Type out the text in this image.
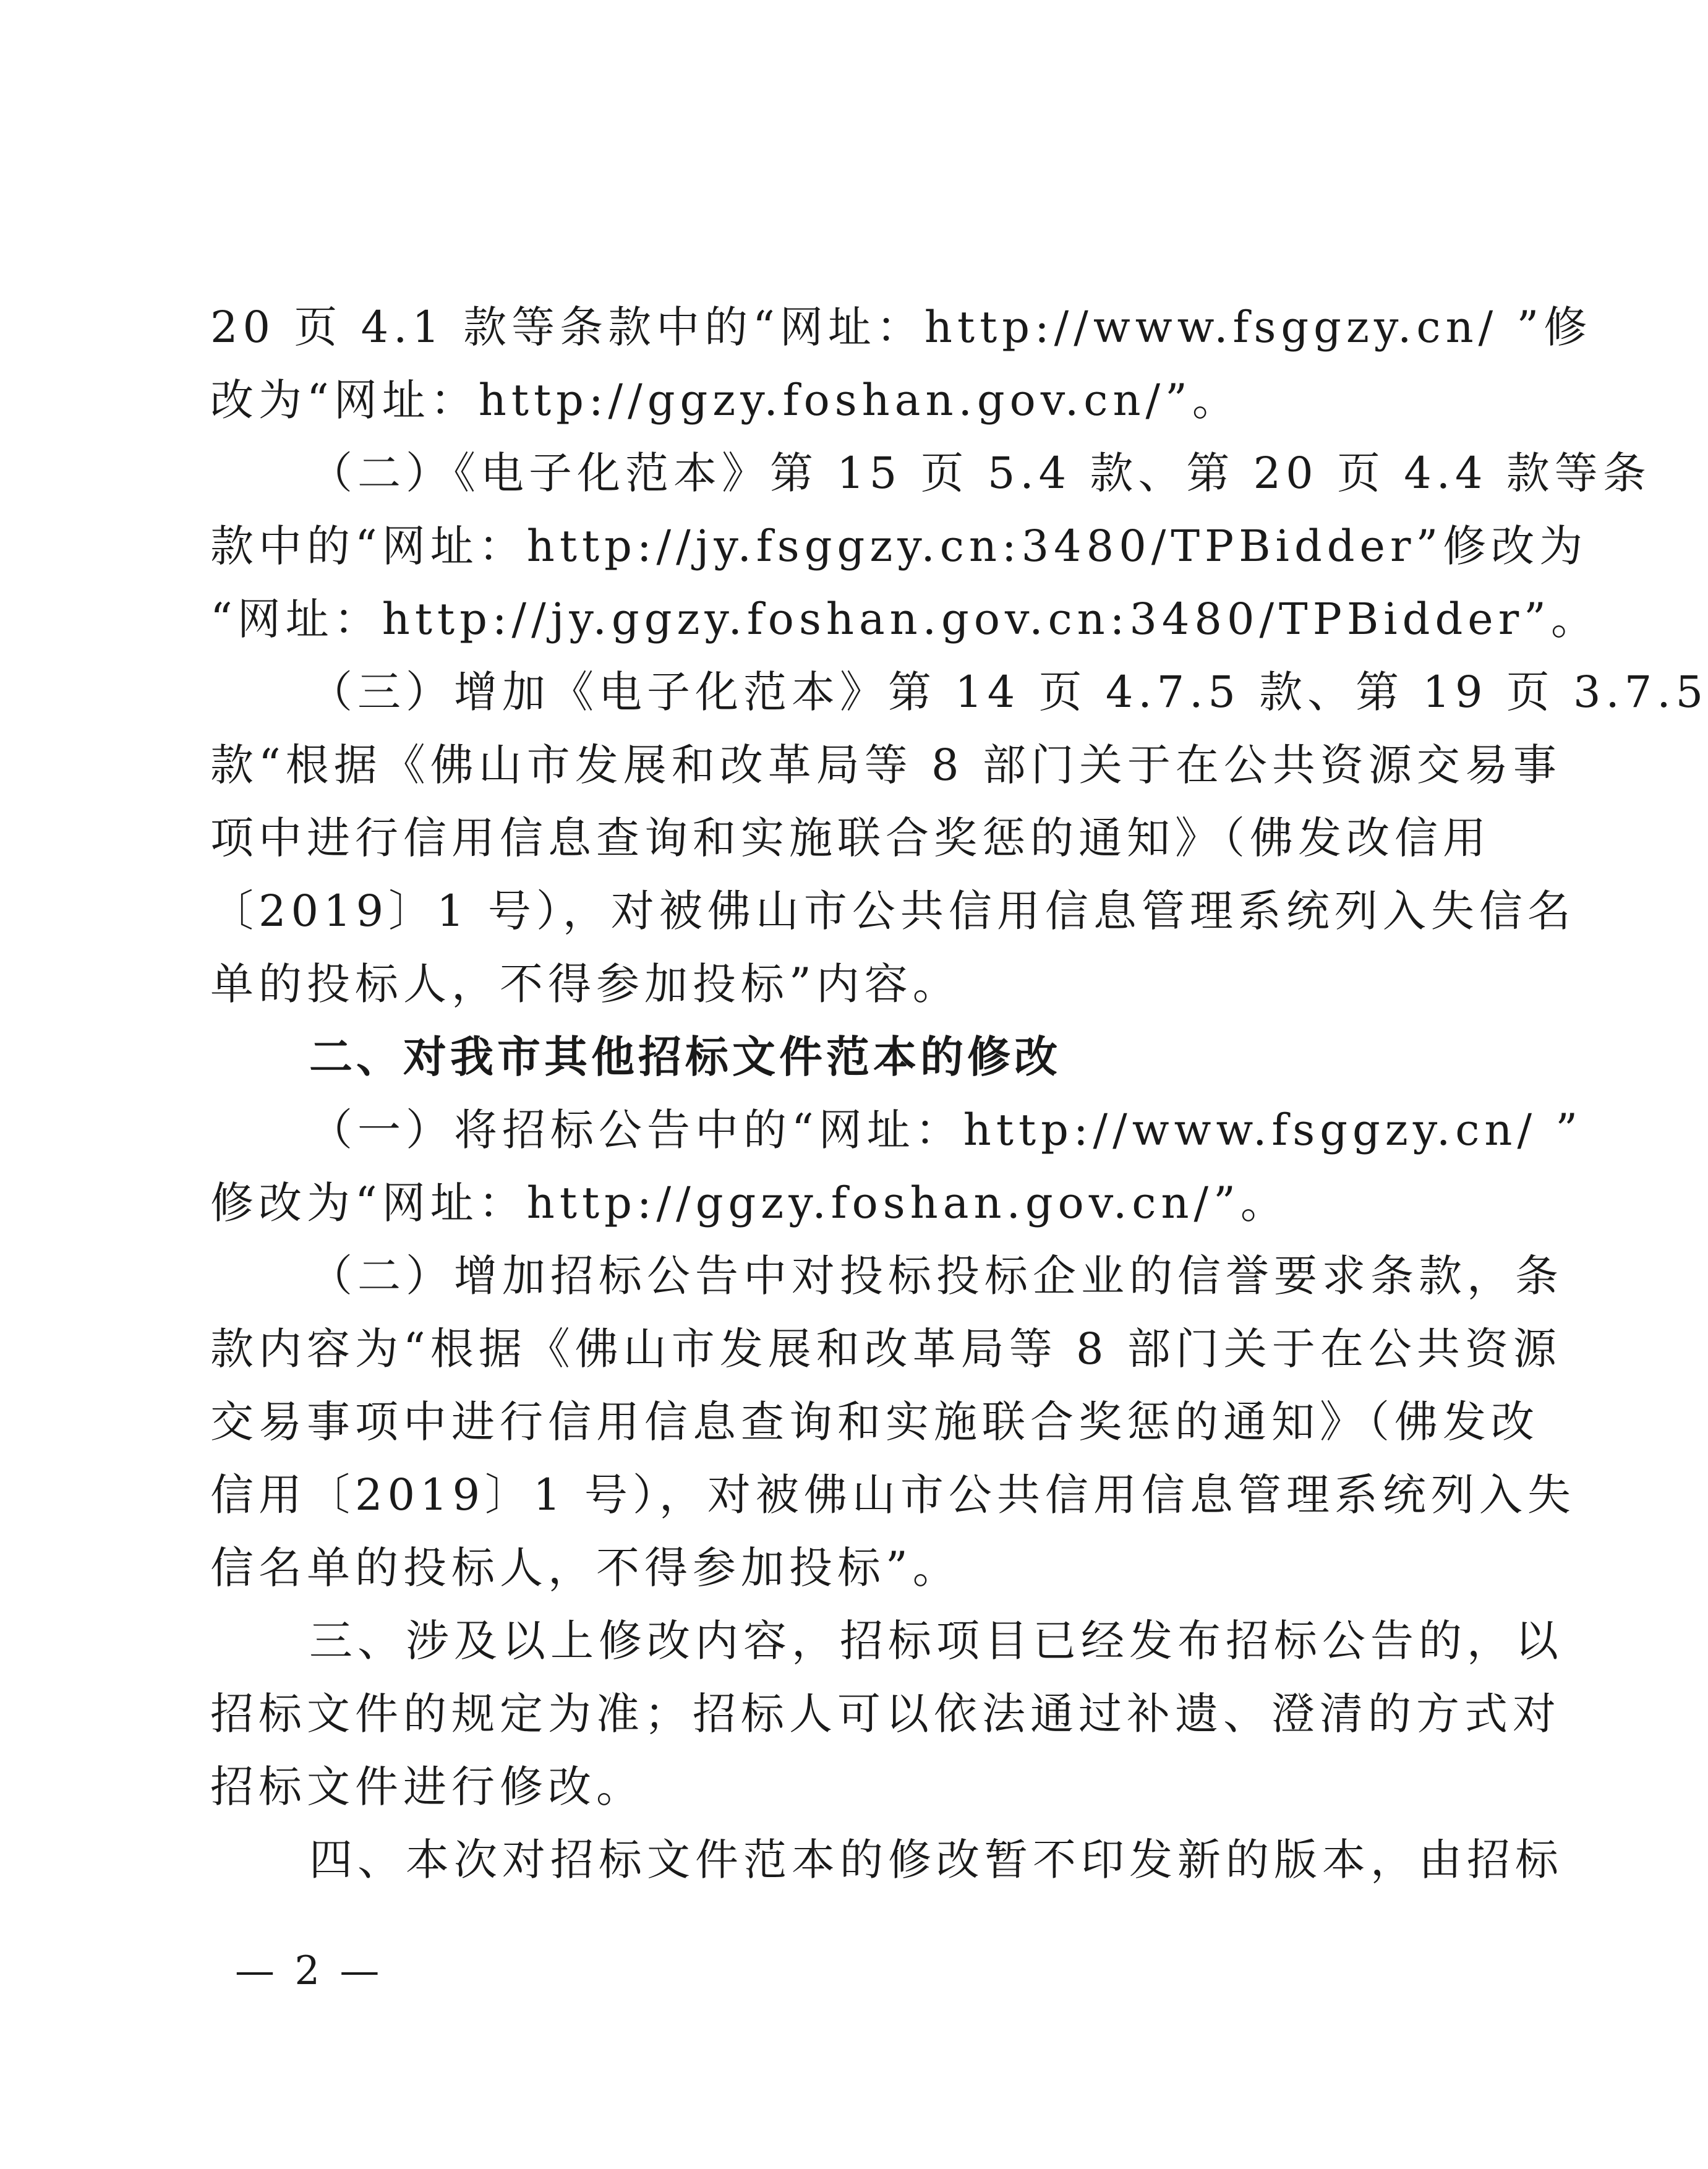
20 页 4.1 款等条款中的“网址：http://www.fsggzy.cn/ ”修
改为“网址：http://ggzy.foshan.gov.cn/”。
（二）《电子化范本》第 15 页 5.4 款、第 20 页 4.4 款等条
款中的“网址：http://jy.fsggzy.cn:3480/TPBidder”修改为
“网址：http://jy.ggzy.foshan.gov.cn:3480/TPBidder”。
（三）增加《电子化范本》第 14 页 4.7.5 款、第 19 页 3.7.5
款“根据《佛山市发展和改革局等 8 部门关于在公共资源交易事
项中进行信用信息查询和实施联合奖惩的通知》（佛发改信用
〔2019〕1 号），对被佛山市公共信用信息管理系统列入失信名
单的投标人，不得参加投标”内容。
二、对我市其他招标文件范本的修改
（一）将招标公告中的“网址：http://www.fsggzy.cn/ ”
修改为“网址：http://ggzy.foshan.gov.cn/”。
（二）增加招标公告中对投标投标企业的信誉要求条款，条
款内容为“根据《佛山市发展和改革局等 8 部门关于在公共资源
交易事项中进行信用信息查询和实施联合奖惩的通知》（佛发改
信用〔2019〕1 号），对被佛山市公共信用信息管理系统列入失
信名单的投标人，不得参加投标”。
三、涉及以上修改内容，招标项目已经发布招标公告的，以
招标文件的规定为准；招标人可以依法通过补遗、澄清的方式对
招标文件进行修改。
四、本次对招标文件范本的修改暂不印发新的版本，由招标
— 2 —
